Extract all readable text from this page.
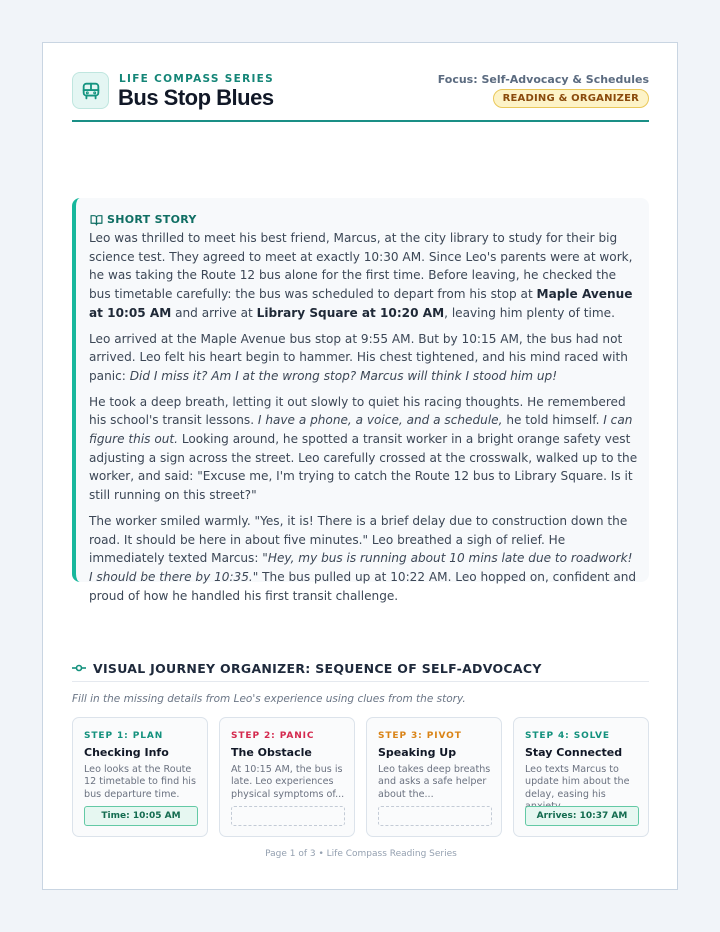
LIFE COMPASS SERIES
Bus Stop Blues
Focus: Self-Advocacy & Schedules
READING & ORGANIZER
SHORT STORY

Leo was thrilled to meet his best friend, Marcus, at the city library to study for their big science test. They agreed to meet at exactly 10:30 AM. Since Leo's parents were at work, he was taking the Route 12 bus alone for the first time. Before leaving, he checked the bus timetable carefully: the bus was scheduled to depart from his stop at Maple Avenue at 10:05 AM and arrive at Library Square at 10:20 AM, leaving him plenty of time.

Leo arrived at the Maple Avenue bus stop at 9:55 AM. But by 10:15 AM, the bus had not arrived. Leo felt his heart begin to hammer. His chest tightened, and his mind raced with panic: Did I miss it? Am I at the wrong stop? Marcus will think I stood him up!

He took a deep breath, letting it out slowly to quiet his racing thoughts. He remembered his school's transit lessons. I have a phone, a voice, and a schedule, he told himself. I can figure this out. Looking around, he spotted a transit worker in a bright orange safety vest adjusting a sign across the street. Leo carefully crossed at the crosswalk, walked up to the worker, and said: "Excuse me, I'm trying to catch the Route 12 bus to Library Square. Is it still running on this street?"

The worker smiled warmly. "Yes, it is! There is a brief delay due to construction down the road. It should be here in about five minutes." Leo breathed a sigh of relief. He immediately texted Marcus: "Hey, my bus is running about 10 mins late due to roadwork! I should be there by 10:35." The bus pulled up at 10:22 AM. Leo hopped on, confident and proud of how he handled his first transit challenge.

VISUAL JOURNEY ORGANIZER: SEQUENCE OF SELF-ADVOCACY
Fill in the missing details from Leo's experience using clues from the story.
STEP 1: PLAN
Checking Info
Leo looks at the Route 12 timetable to find his bus departure time.
Time: 10:05 AM
STEP 2: PANIC
The Obstacle
At 10:15 AM, the bus is late. Leo experiences physical symptoms of...
STEP 3: PIVOT
Speaking Up
Leo takes deep breaths and asks a safe helper about the...
STEP 4: SOLVE
Stay Connected
Leo texts Marcus to update him about the delay, easing his
Arrives: 10:37 AM
Page 1 of 3 • Life Compass Reading Series
